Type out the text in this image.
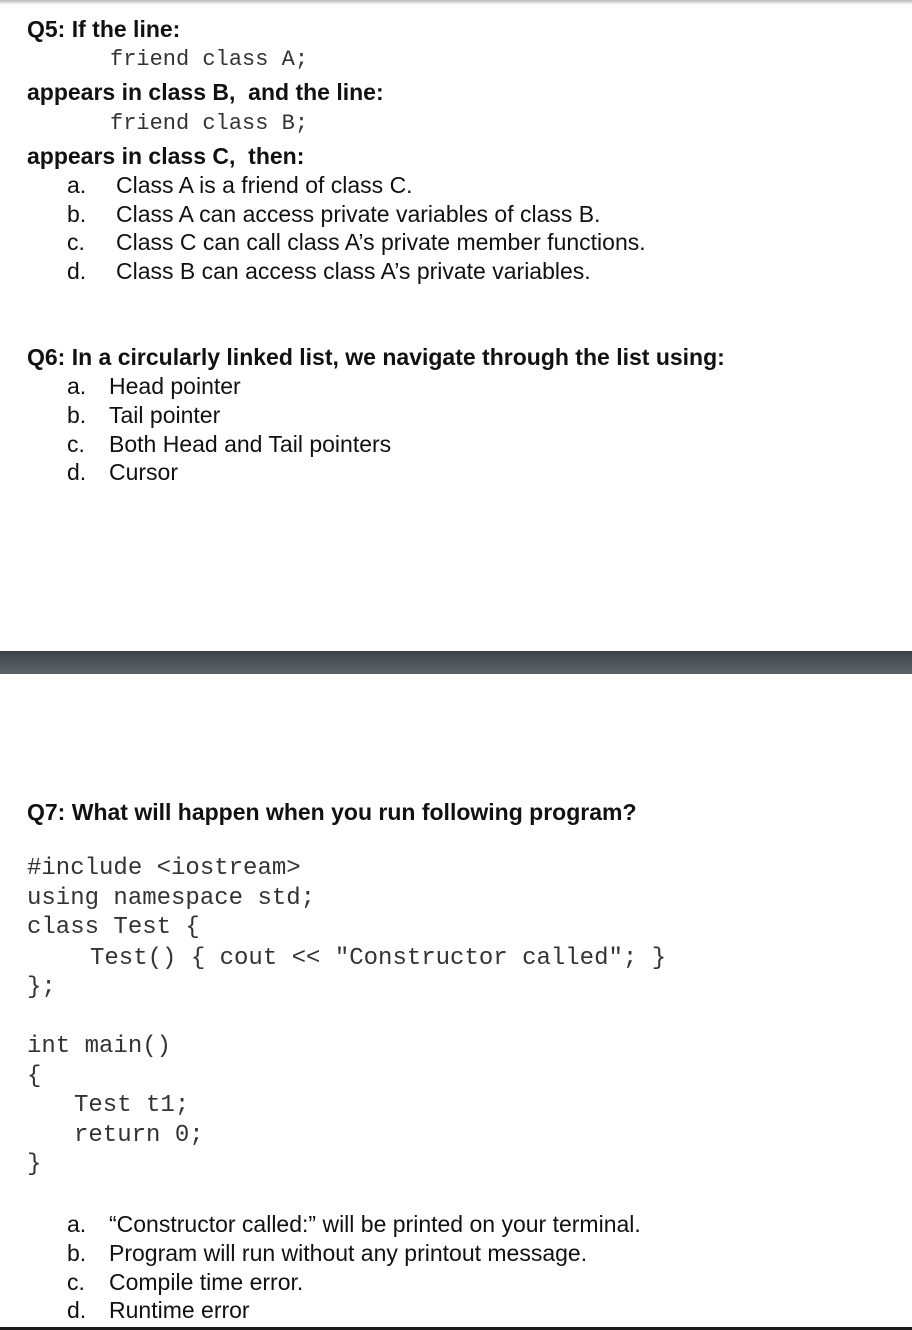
Q5: If the line:
friend class A;
appears in class B,  and the line:
friend class B;
appears in class C,  then:
a. Class A is a friend of class C.
b. Class A can access private variables of class B.
c. Class C can call class A’s private member functions.
d. Class B can access class A’s private variables.
Q6: In a circularly linked list, we navigate through the list using:
a. Head pointer
b. Tail pointer
c. Both Head and Tail pointers
d. Cursor
Q7: What will happen when you run following program?
#include <iostream>
using namespace std;
class Test {
Test() { cout << "Constructor called"; }
};
int main()
{
Test t1;
return 0;
}
a. “Constructor called:” will be printed on your terminal.
b. Program will run without any printout message.
c. Compile time error.
d. Runtime error
